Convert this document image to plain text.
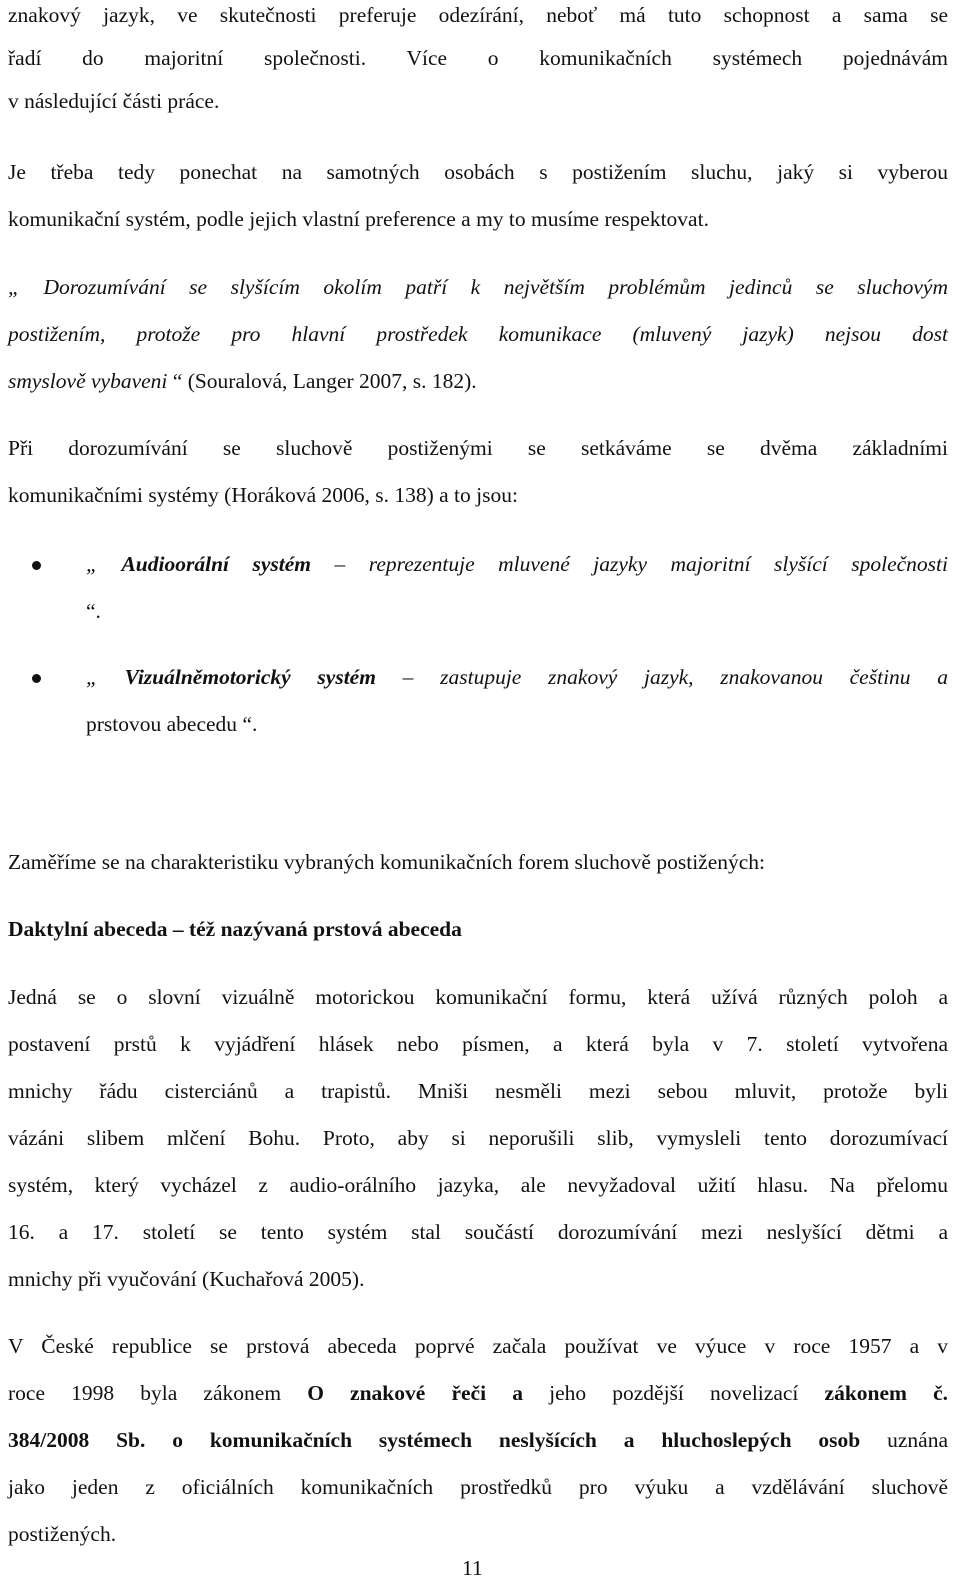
znakový jazyk, ve skutečnosti preferuje odezírání, neboť má tuto schopnost a sama se
řadí do majoritní společnosti. Více o komunikačních systémech pojednávám
v následující části práce.
Je třeba tedy ponechat na samotných osobách s postižením sluchu, jaký si vyberou
komunikační systém, podle jejich vlastní preference a my to musíme respektovat.
„ Dorozumívání se slyšícím okolím patří k největším problémům jedinců se sluchovým
postižením, protože pro hlavní prostředek komunikace (mluvený jazyk) nejsou dost
smyslově vybaveni “ (Souralová, Langer 2007, s. 182).
Při dorozumívání se sluchově postiženými se setkáváme se dvěma základními
komunikačními systémy (Horáková 2006, s. 138) a to jsou:
„ Audioorální systém – reprezentuje mluvené jazyky majoritní slyšící společnosti
“.
„ Vizuálněmotorický systém – zastupuje znakový jazyk, znakovanou češtinu a
prstovou abecedu “.
Zaměříme se na charakteristiku vybraných komunikačních forem sluchově postižených:
Daktylní abeceda – též nazývaná prstová abeceda
Jedná se o slovní vizuálně motorickou komunikační formu, která užívá různých poloh a
postavení prstů k vyjádření hlásek nebo písmen, a která byla v 7. století vytvořena
mnichy řádu cisterciánů a trapistů. Mniši nesměli mezi sebou mluvit, protože byli
vázáni slibem mlčení Bohu. Proto, aby si neporušili slib, vymysleli tento dorozumívací
systém, který vycházel z audio-orálního jazyka, ale nevyžadoval užití hlasu. Na přelomu
16. a 17. století se tento systém stal součástí dorozumívání mezi neslyšící dětmi a
mnichy při vyučování (Kuchařová 2005).
V České republice se prstová abeceda poprvé začala používat ve výuce v roce 1957 a v
roce 1998 byla zákonem O znakové řeči a jeho pozdější novelizací zákonem č.
384/2008 Sb. o komunikačních systémech neslyšících a hluchoslepých osob uznána
jako jeden z oficiálních komunikačních prostředků pro výuku a vzdělávání sluchově
postižených.
11
